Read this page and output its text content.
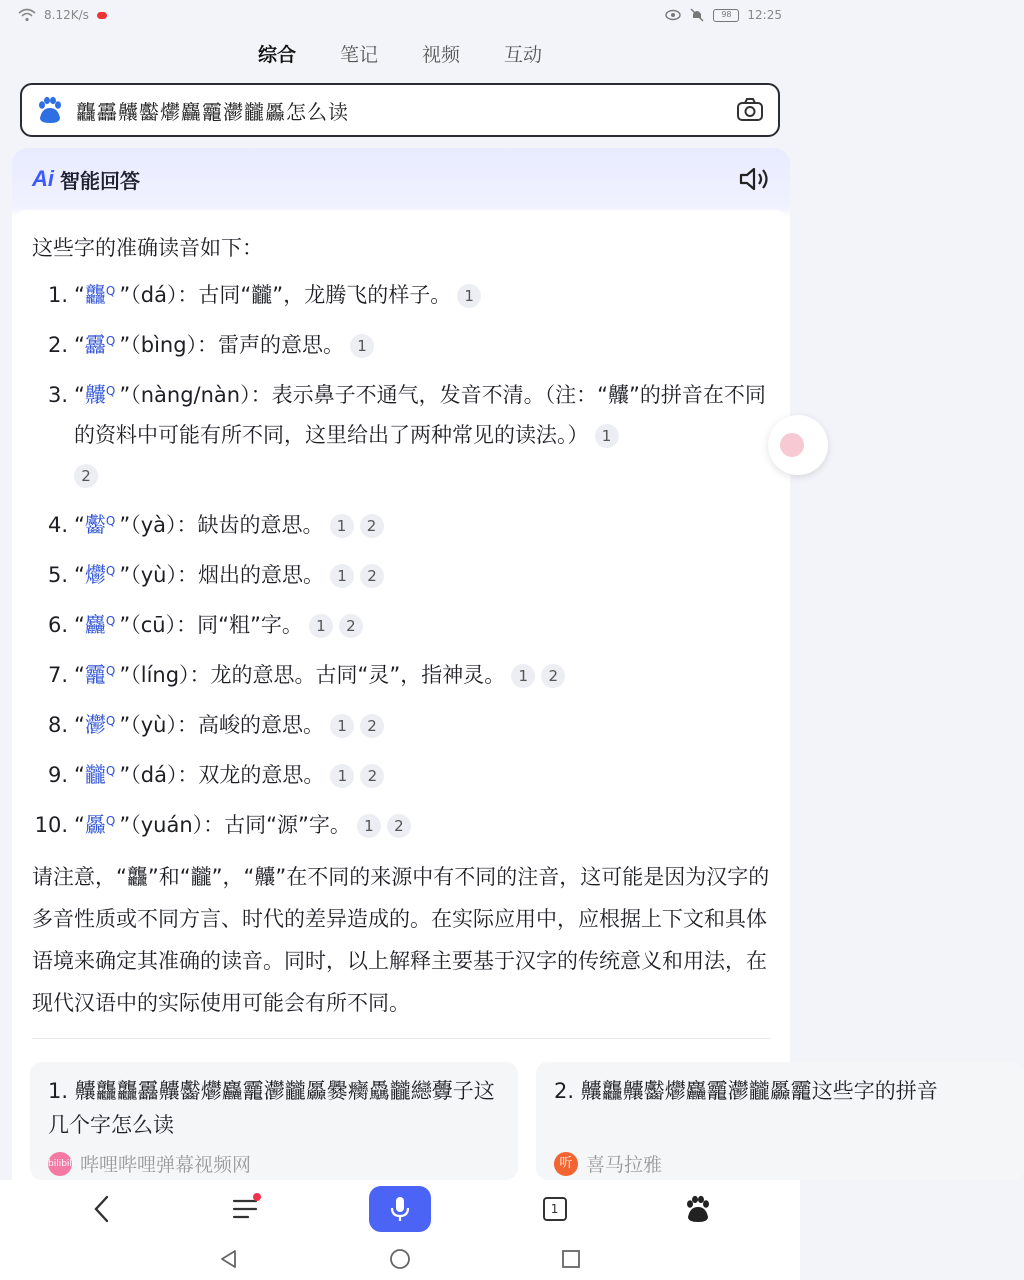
8.12K/s	98	12:25
综合 笔记 视频 互动
龘靐齉齾爩麤龗灪龖厵怎么读
Ai 智能回答
这些字的准确读音如下：
1. “龘$^Q$ ”（dá）：古同“龖”，龙腾飞的样子。 1
2. “靐$^Q$ ”（bìng）：雷声的意思。 1
3. “齉$^Q$ ”（nàng/nàn）：表示鼻子不通气，发音不清。（注：“齉”的拼音在不同的资料中可能有所不同，这里给出了两种常见的读法。） 1
2
4. “齾$^Q$ ”（yà）：缺齿的意思。 1 2
5. “爩$^Q$ ”（yù）：烟出的意思。 1 2
6. “麤$^Q$ ”（cū）：同“粗”字。 1 2
7. “龗$^Q$ ”（líng）：龙的意思。古同“灵”，指神灵。 1 2
8. “灪$^Q$ ”（yù）：高峻的意思。 1 2
9. “龖$^Q$ ”（dá）：双龙的意思。 1 2
10. “厵$^Q$ ”（yuán）：古同“源”字。 1 2
请注意，“龘”和“龖”，“齉”在不同的来源中有不同的注音，这可能是因为汉字的多音性质或不同方言、时代的差异造成的。在实际应用中，应根据上下文和具体语境来确定其准确的读音。同时，以上解释主要基于汉字的传统意义和用法，在现代汉语中的实际使用可能会有所不同。
1. 齉龘龘靐齉齾爩麤龗灪龖厵爨癵驫龖纞虋子这几个字怎么读
bilibili 哔哩哔哩弹幕视频网
2. 齉龘齉齾爩麤龗灪龖厵龗这些字的拼音
听 喜马拉雅
1
